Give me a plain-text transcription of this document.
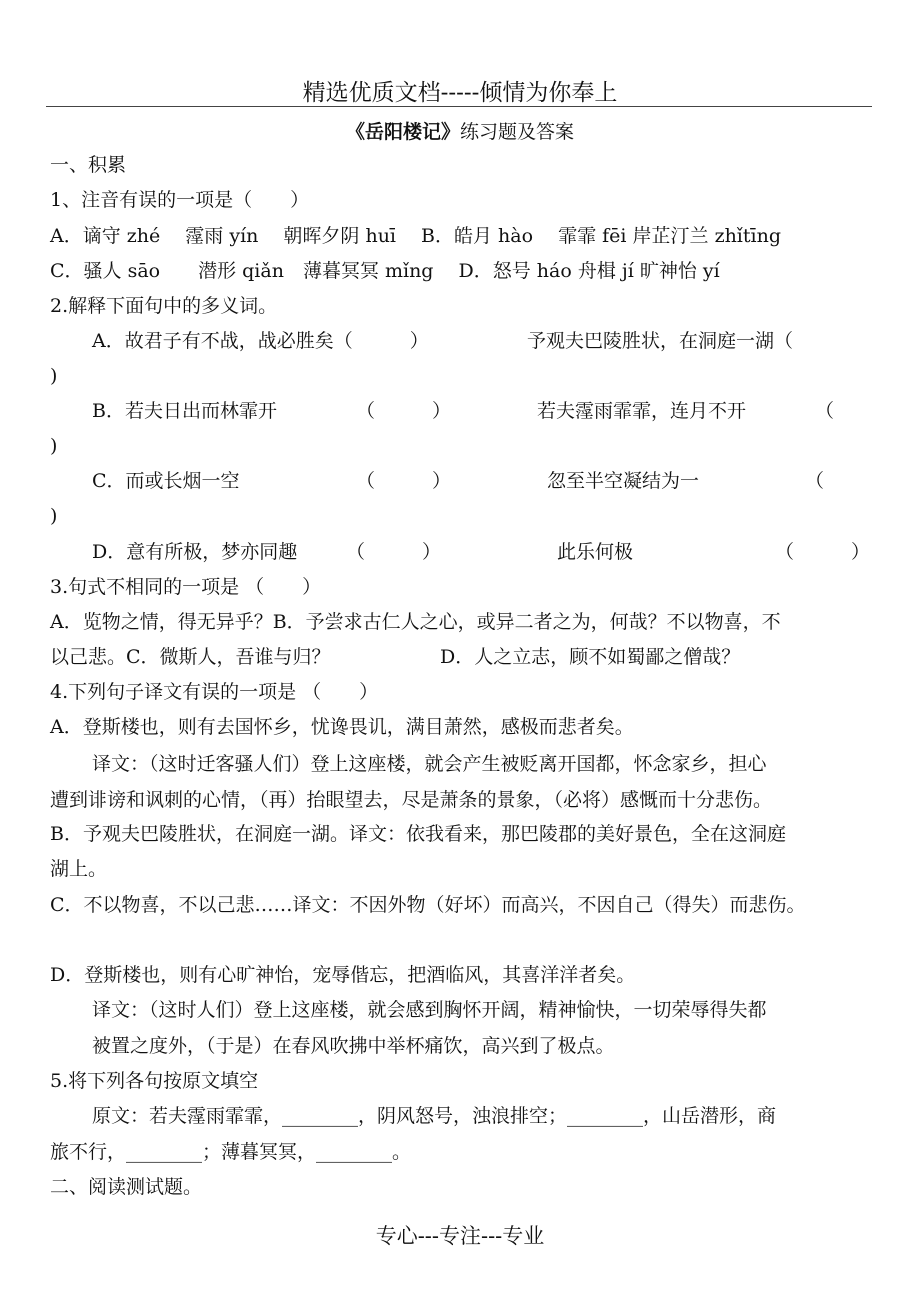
精选优质文档-----倾情为你奉上
《岳阳楼记》练习题及答案
一、积累
1、注音有误的一项是（　　）
A．谪守 zhé　 霪雨 yín　 朝晖夕阴 huī　 B．皓月 hào　 霏霏 fēi 岸芷汀兰 zhǐtīng
C．骚人 sāo　　潜形 qiǎn　薄暮冥冥 mǐng　 D．怒号 háo 舟楫 jí 旷神怡 yí
2.解释下面句中的多义词。
A．故君子有不战，战必胜矣（　　　）	予观夫巴陵胜状，在洞庭一湖（
)
B．若夫日出而林霏开	（　　　）	若夫霪雨霏霏，连月不开	（
)
C．而或长烟一空	（　　　）	忽至半空凝结为一	（
)
D．意有所极，梦亦同趣	（　　　）	此乐何极	（　　　）
3.句式不相同的一项是 （　　）
A．览物之情，得无异乎？B．予尝求古仁人之心，或异二者之为，何哉？不以物喜，不
以己悲。C．微斯人，吾谁与归？	D．人之立志，顾不如蜀鄙之僧哉？
4.下列句子译文有误的一项是 （　　）
A．登斯楼也，则有去国怀乡，忧谗畏讥，满目萧然，感极而悲者矣。
译文：（这时迁客骚人们）登上这座楼，就会产生被贬离开国都，怀念家乡，担心
遭到诽谤和讽刺的心情，（再）抬眼望去，尽是萧条的景象，（必将）感慨而十分悲伤。
B．予观夫巴陵胜状，在洞庭一湖。译文：依我看来，那巴陵郡的美好景色，全在这洞庭
湖上。
C．不以物喜，不以己悲……译文：不因外物（好坏）而高兴，不因自己（得失）而悲伤。
D．登斯楼也，则有心旷神怡，宠辱偕忘，把酒临风，其喜洋洋者矣。
译文：（这时人们）登上这座楼，就会感到胸怀开阔，精神愉快，一切荣辱得失都
被置之度外，（于是）在春风吹拂中举杯痛饮，高兴到了极点。
5.将下列各句按原文填空
原文：若夫霪雨霏霏，________，阴风怒号，浊浪排空；________，山岳潜形，商
旅不行，________；薄暮冥冥，________。
二、阅读测试题。
专心---专注---专业
